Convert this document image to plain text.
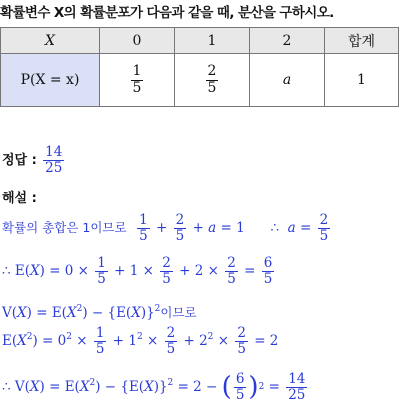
확률변수 X의 확률분포가 다음과 같을 때, 분산을 구하시오.
X	0	1	2	합계
P(X = x)	$\frac{1}{5}$	$\frac{2}{5}$	a	1
정답 : $\frac{14}{25}$
해설 :
확률의 총합은 1이므로 $\frac{1}{5} + \frac{2}{5} + a = 1$      ∴  $a = \frac{2}{5}$
∴ $E(X) = 0 \times \frac{1}{5} + 1 \times \frac{2}{5} + 2 \times \frac{2}{5} = \frac{6}{5}$
$V(X) = E(X^2) - \{E(X)\}^2$이므로
$E(X^2) = 0^2 \times \frac{1}{5} + 1^2 \times \frac{2}{5} + 2^2 \times \frac{2}{5} = 2$
∴ $V(X) = E(X^2) - \{E(X)\}^2 = 2$ − ( $\frac{6}{5}$ ) $2 = \frac{14}{25}$
